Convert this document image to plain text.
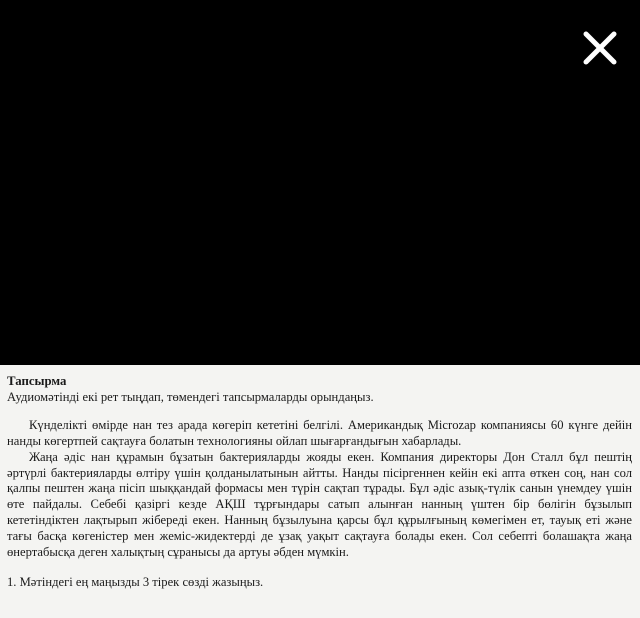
Тапсырма
Аудиомәтінді екі рет тыңдап, төмендегі тапсырмаларды орындаңыз.

Күнделікті өмірде нан тез арада көгеріп кететіні белгілі. Американдық Microzap компаниясы 60 күнге дейін нанды көгертпей сақтауға болатын технологияны ойлап шығарғандығын хабарлады.

Жаңа әдіс нан құрамын бұзатын бактерияларды жояды екен. Компания директоры Дон Сталл бұл пештің әртүрлі бактерияларды өлтіру үшін қолданылатынын айтты. Нанды пісіргеннен кейін екі апта өткен соң, нан сол қалпы пештен жаңа пісіп шыққандай формасы мен түрін сақтап тұрады. Бұл әдіс азық-түлік санын үнемдеу үшін өте пайдалы. Себебі қазіргі кезде АҚШ тұрғындары сатып алынған нанның үштен бір бөлігін бұзылып кететіндіктен лақтырып жібереді екен. Нанның бұзылуына қарсы бұл құрылғының көмегімен ет, тауық еті және тағы басқа көгеністер мен жеміс-жидектерді де ұзақ уақыт сақтауға болады екен. Сол себепті болашақта жаңа өнертабысқа деген халықтың сұранысы да артуы әбден мүмкін.

1. Мәтіндегі ең маңызды 3 тірек сөзді жазыңыз.
